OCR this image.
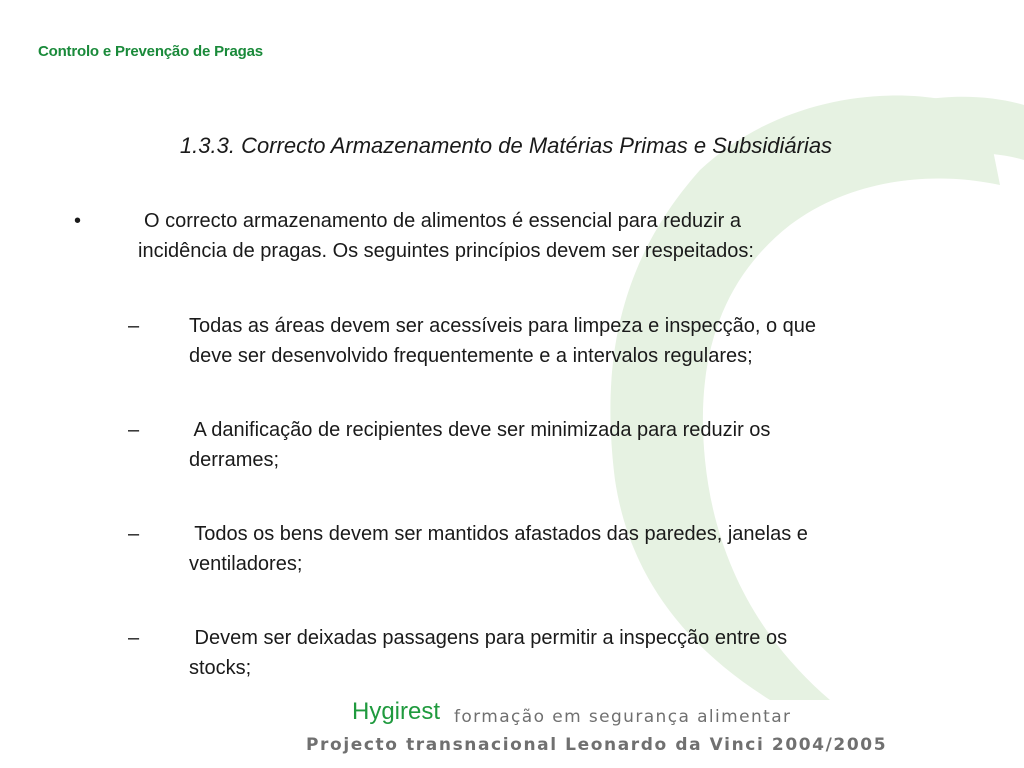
Controlo e Prevenção de Pragas
1.3.3. Correcto Armazenamento de Matérias Primas e Subsidiárias
•	O correcto armazenamento de alimentos é essencial para reduzir a
incidência de pragas. Os seguintes princípios devem ser respeitados:
–	Todas as áreas devem ser acessíveis para limpeza e inspecção, o que
deve ser desenvolvido frequentemente e a intervalos regulares;
–	A danificação de recipientes deve ser minimizada para reduzir os
derrames;
–	Todos os bens devem ser mantidos afastados das paredes, janelas e
ventiladores;
–	Devem ser deixadas passagens para permitir a inspecção entre os
stocks;
Hygirest formação em segurança alimentar
Projecto transnacional Leonardo da Vinci 2004/2005
